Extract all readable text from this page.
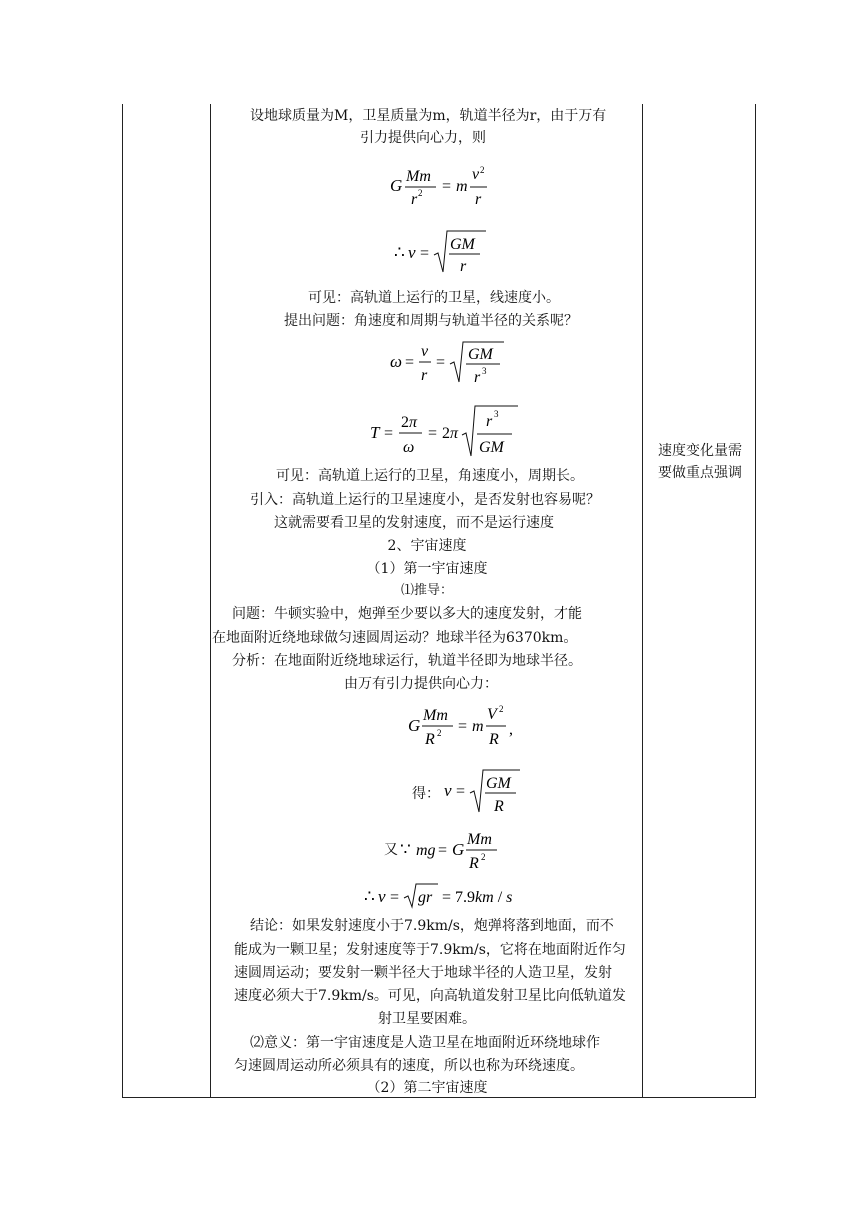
设地球质量为M，卫星质量为m，轨道半径为r，由于万有
引力提供向心力，则
G Mm
r 2 = m
v 2
r
∴ v =
GM
r
可见：高轨道上运行的卫星，线速度小。
提出问题：角速度和周期与轨道半径的关系呢？
ω =
v
r
= GM
r 3
T =
2π
ω
= 2π
r 3
GM
可见：高轨道上运行的卫星，角速度小，周期长。
引入：高轨道上运行的卫星速度小，是否发射也容易呢？
这就需要看卫星的发射速度，而不是运行速度
2、宇宙速度
（1）第一宇宙速度
⑴推导：
问题：牛顿实验中，炮弹至少要以多大的速度发射，才能
在地面附近绕地球做匀速圆周运动？地球半径为6370km。
分析：在地面附近绕地球运行，轨道半径即为地球半径。
由万有引力提供向心力：
G
Mm
R 2 = m
V 2
R
,
得： v = GM
R
又 ∵ mg = G
Mm
R 2
∴ v = gr = 7.9km / s
结论：如果发射速度小于7.9km/s，炮弹将落到地面，而不
能成为一颗卫星；发射速度等于7.9km/s，它将在地面附近作匀
速圆周运动；要发射一颗半径大于地球半径的人造卫星，发射
速度必须大于7.9km/s。可见，向高轨道发射卫星比向低轨道发
射卫星要困难。
⑵意义：第一宇宙速度是人造卫星在地面附近环绕地球作
匀速圆周运动所必须具有的速度，所以也称为环绕速度。
（2）第二宇宙速度
速度变化量需
要做重点强调
